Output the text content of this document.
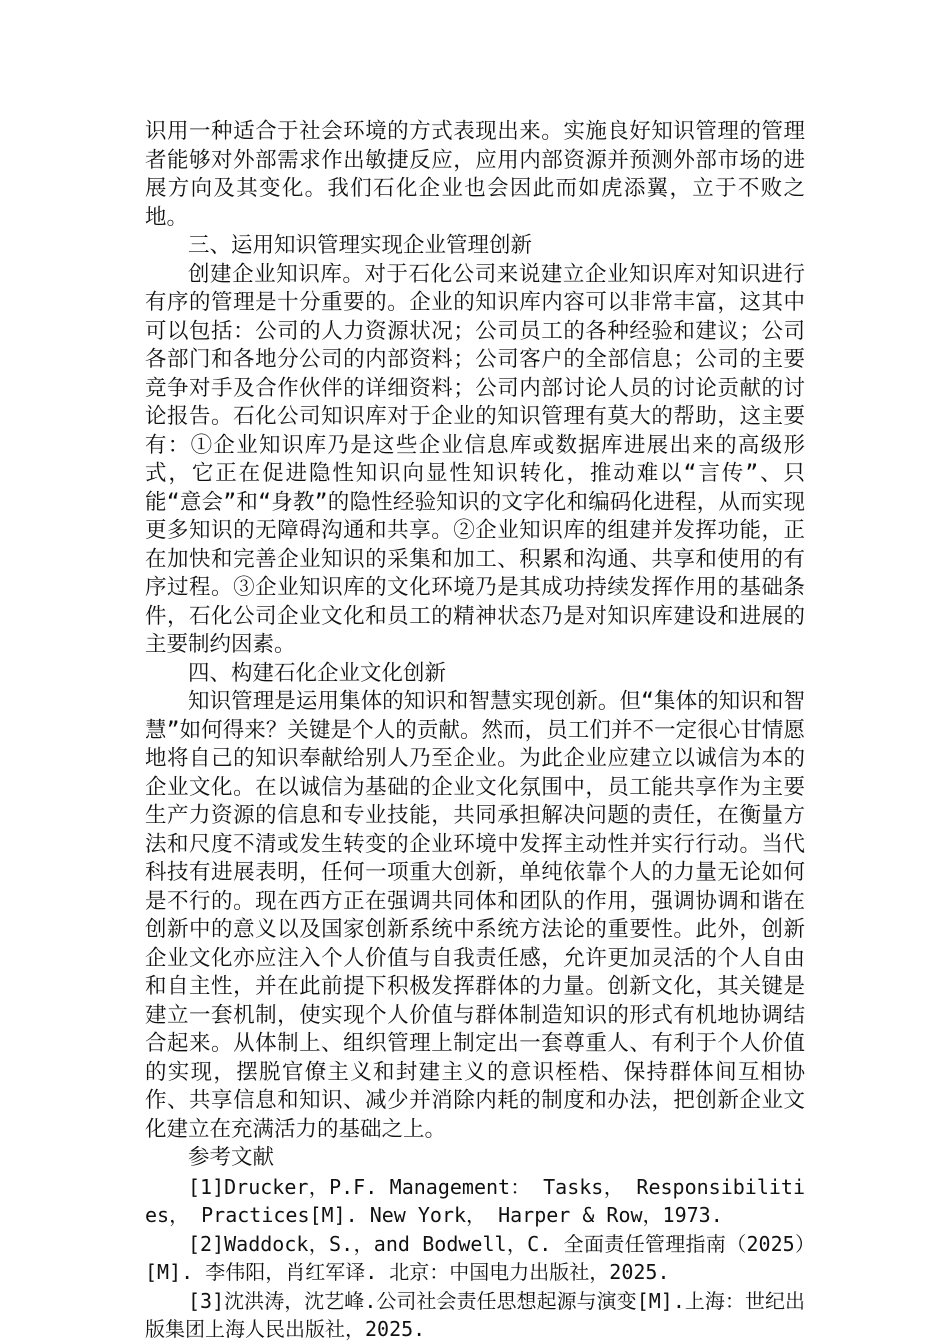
识用一种适合于社会环境的方式表现出来。实施良好知识管理的管理者能够对外部需求作出敏捷反应，应用内部资源并预测外部市场的进展方向及其变化。我们石化企业也会因此而如虎添翼，立于不败之地。

三、运用知识管理实现企业管理创新

创建企业知识库。对于石化公司来说建立企业知识库对知识进行有序的管理是十分重要的。企业的知识库内容可以非常丰富，这其中可以包括：公司的人力资源状况；公司员工的各种经验和建议；公司各部门和各地分公司的内部资料；公司客户的全部信息；公司的主要竞争对手及合作伙伴的详细资料；公司内部讨论人员的讨论贡献的讨论报告。石化公司知识库对于企业的知识管理有莫大的帮助，这主要有：①企业知识库乃是这些企业信息库或数据库进展出来的高级形式，它正在促进隐性知识向显性知识转化，推动难以“言传”、只能“意会”和“身教”的隐性经验知识的文字化和编码化进程，从而实现更多知识的无障碍沟通和共享。②企业知识库的组建并发挥功能，正在加快和完善企业知识的采集和加工、积累和沟通、共享和使用的有序过程。③企业知识库的文化环境乃是其成功持续发挥作用的基础条件，石化公司企业文化和员工的精神状态乃是对知识库建设和进展的主要制约因素。

四、构建石化企业文化创新

知识管理是运用集体的知识和智慧实现创新。但“集体的知识和智慧”如何得来？关键是个人的贡献。然而，员工们并不一定很心甘情愿地将自己的知识奉献给别人乃至企业。为此企业应建立以诚信为本的企业文化。在以诚信为基础的企业文化氛围中，员工能共享作为主要生产力资源的信息和专业技能，共同承担解决问题的责任，在衡量方法和尺度不清或发生转变的企业环境中发挥主动性并实行行动。当代科技有进展表明，任何一项重大创新，单纯依靠个人的力量无论如何是不行的。现在西方正在强调共同体和团队的作用，强调协调和谐在创新中的意义以及国家创新系统中系统方法论的重要性。此外，创新企业文化亦应注入个人价值与自我责任感，允许更加灵活的个人自由和自主性，并在此前提下积极发挥群体的力量。创新文化，其关键是建立一套机制，使实现个人价值与群体制造知识的形式有机地协调结合起来。从体制上、组织管理上制定出一套尊重人、有利于个人价值的实现，摆脱官僚主义和封建主义的意识桎梏、保持群体间互相协作、共享信息和知识、减少并消除内耗的制度和办法，把创新企业文化建立在充满活力的基础之上。

参考文献

[1]Drucker，P.F. Management： Tasks， Responsibilities， Practices[M]. New York， Harper & Row，1973.

[2]Waddock，S.，and Bodwell，C. 全面责任管理指南（2025）[M]. 李伟阳，肖红军译. 北京：中国电力出版社，2025.

[3]沈洪涛，沈艺峰.公司社会责任思想起源与演变[M].上海：世纪出版集团上海人民出版社，2025.
